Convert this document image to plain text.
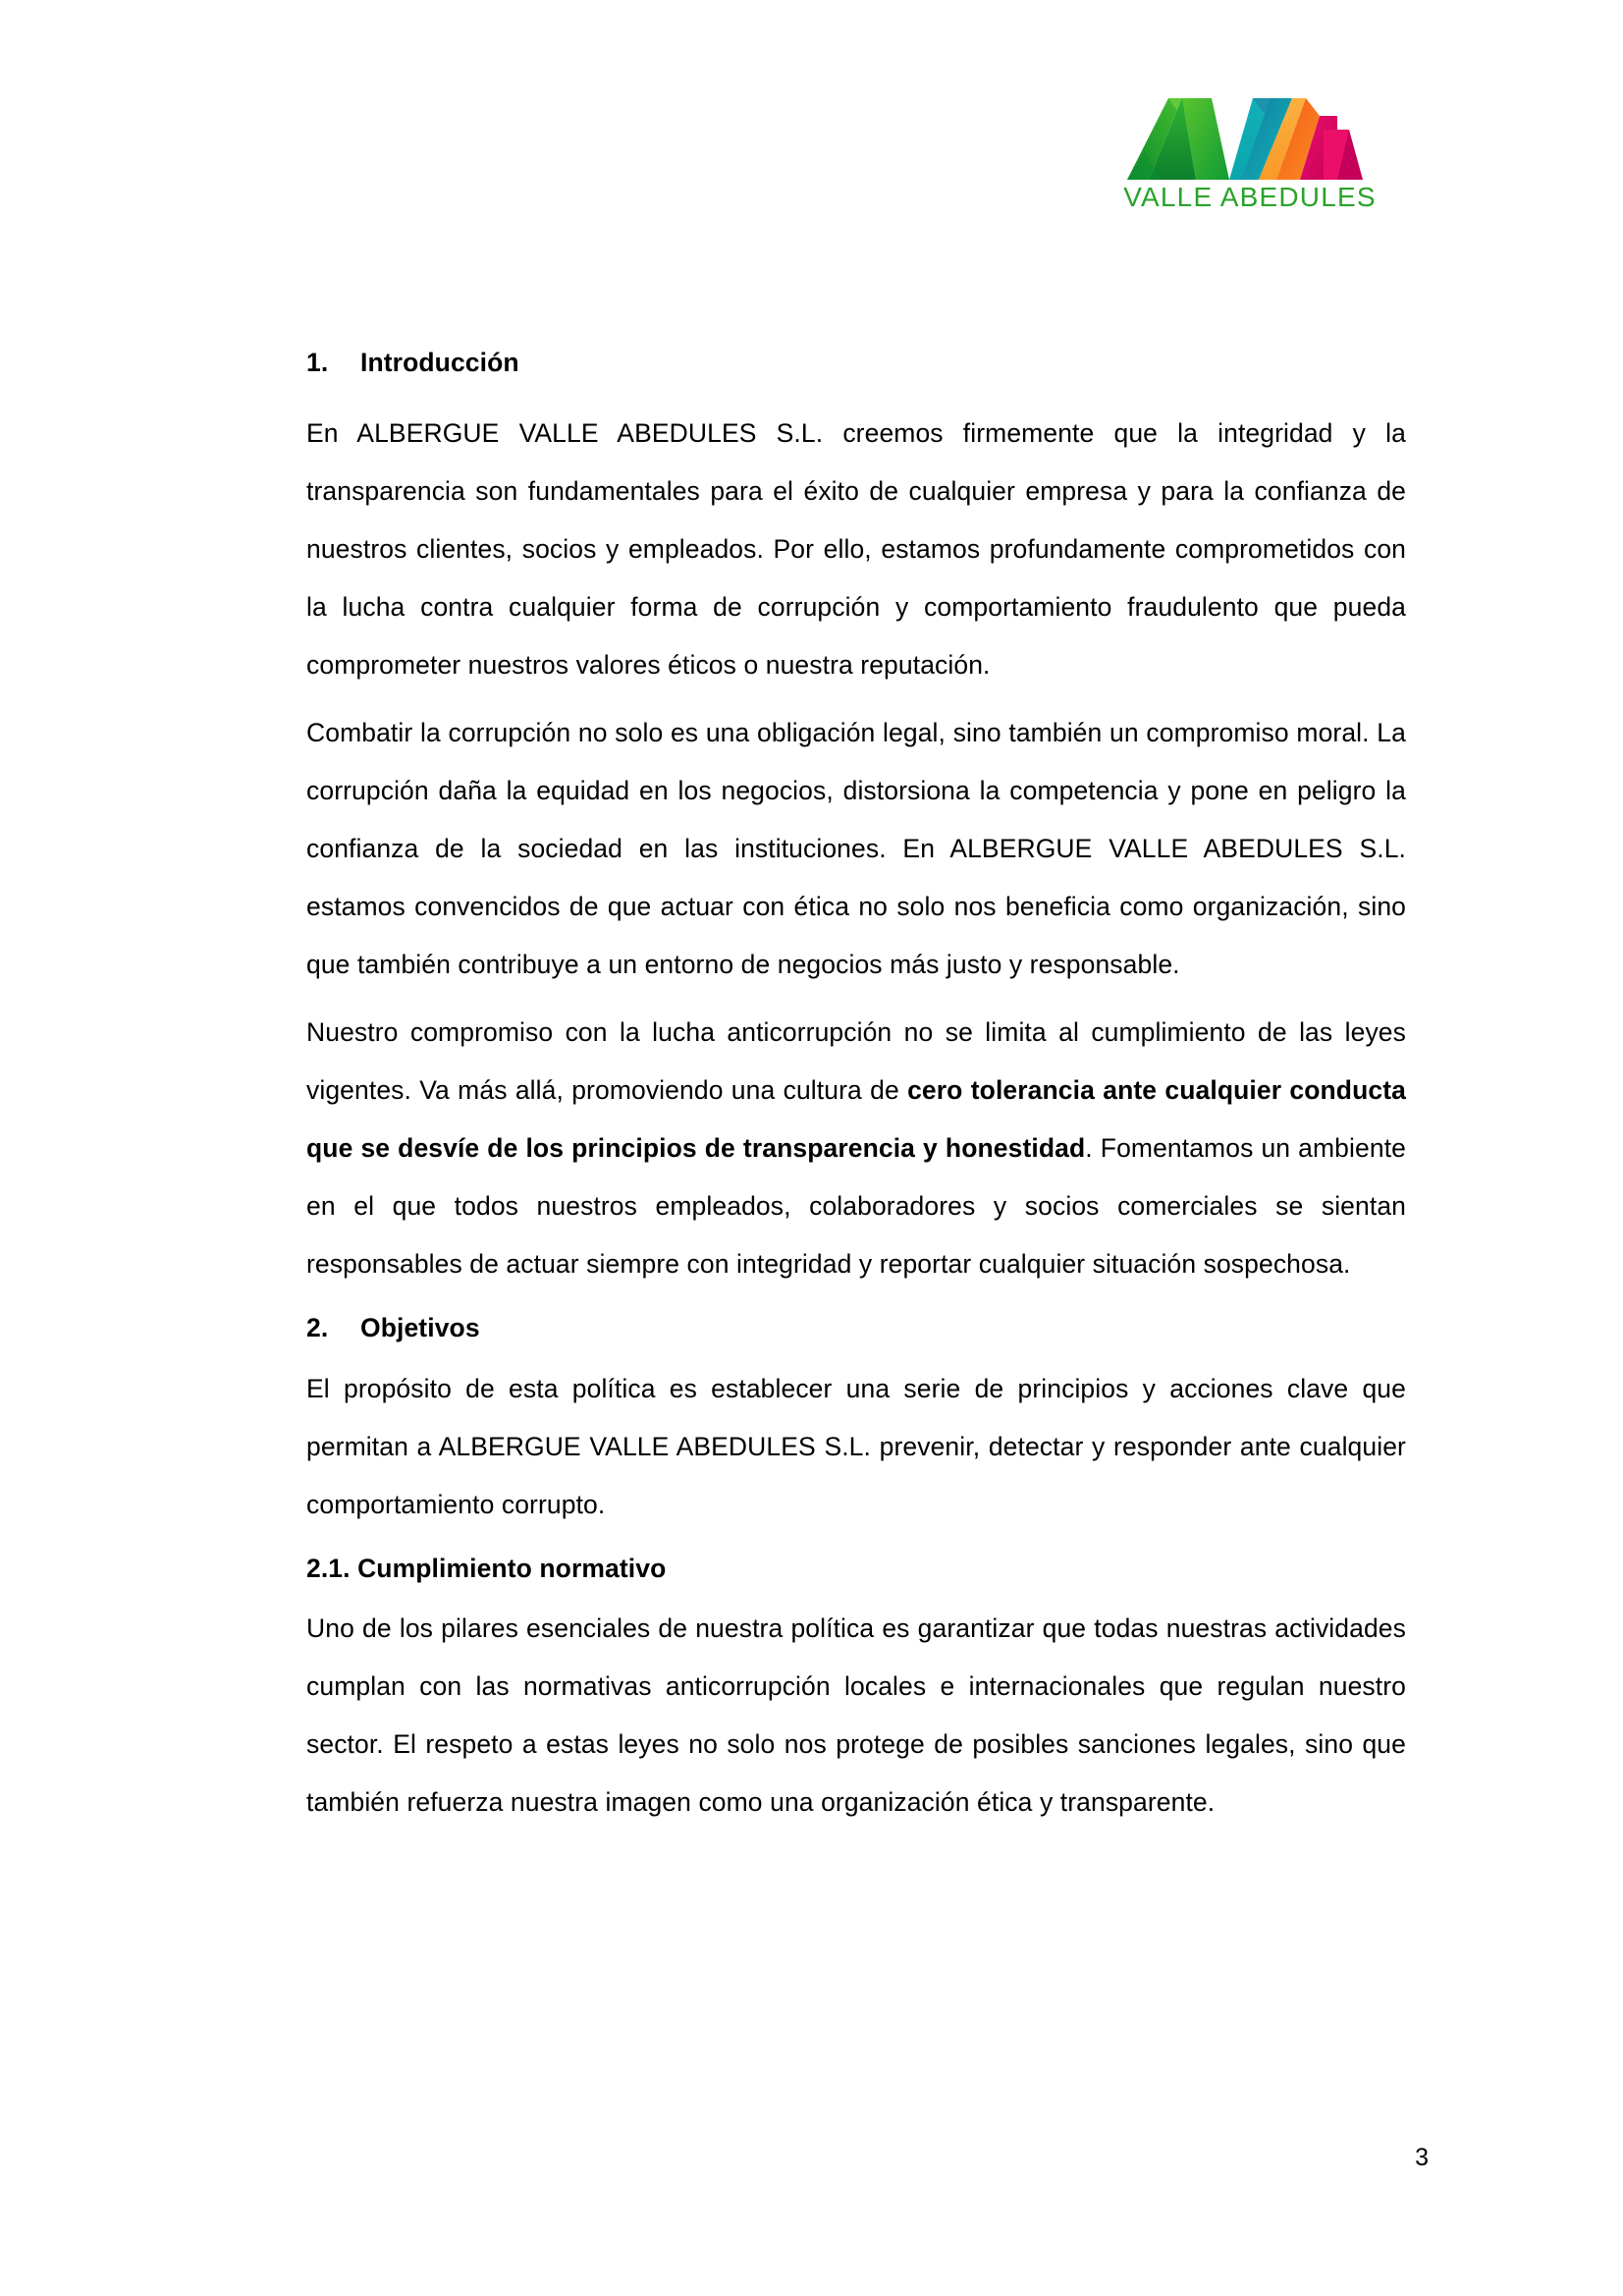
VALLE ABEDULES
1. Introducción

En ALBERGUE VALLE ABEDULES S.L. creemos firmemente que la integridad y la transparencia son fundamentales para el éxito de cualquier empresa y para la confianza de nuestros clientes, socios y empleados. Por ello, estamos profundamente comprometidos con la lucha contra cualquier forma de corrupción y comportamiento fraudulento que pueda comprometer nuestros valores éticos o nuestra reputación.

Combatir la corrupción no solo es una obligación legal, sino también un compromiso moral. La corrupción daña la equidad en los negocios, distorsiona la competencia y pone en peligro la confianza de la sociedad en las instituciones. En ALBERGUE VALLE ABEDULES S.L. estamos convencidos de que actuar con ética no solo nos beneficia como organización, sino que también contribuye a un entorno de negocios más justo y responsable.

Nuestro compromiso con la lucha anticorrupción no se limita al cumplimiento de las leyes vigentes. Va más allá, promoviendo una cultura de cero tolerancia ante cualquier conducta que se desvíe de los principios de transparencia y honestidad. Fomentamos un ambiente en el que todos nuestros empleados, colaboradores y socios comerciales se sientan responsables de actuar siempre con integridad y reportar cualquier situación sospechosa.

2. Objetivos

El propósito de esta política es establecer una serie de principios y acciones clave que permitan a ALBERGUE VALLE ABEDULES S.L. prevenir, detectar y responder ante cualquier comportamiento corrupto.

2.1. Cumplimiento normativo

Uno de los pilares esenciales de nuestra política es garantizar que todas nuestras actividades cumplan con las normativas anticorrupción locales e internacionales que regulan nuestro sector. El respeto a estas leyes no solo nos protege de posibles sanciones legales, sino que también refuerza nuestra imagen como una organización ética y transparente.

3
